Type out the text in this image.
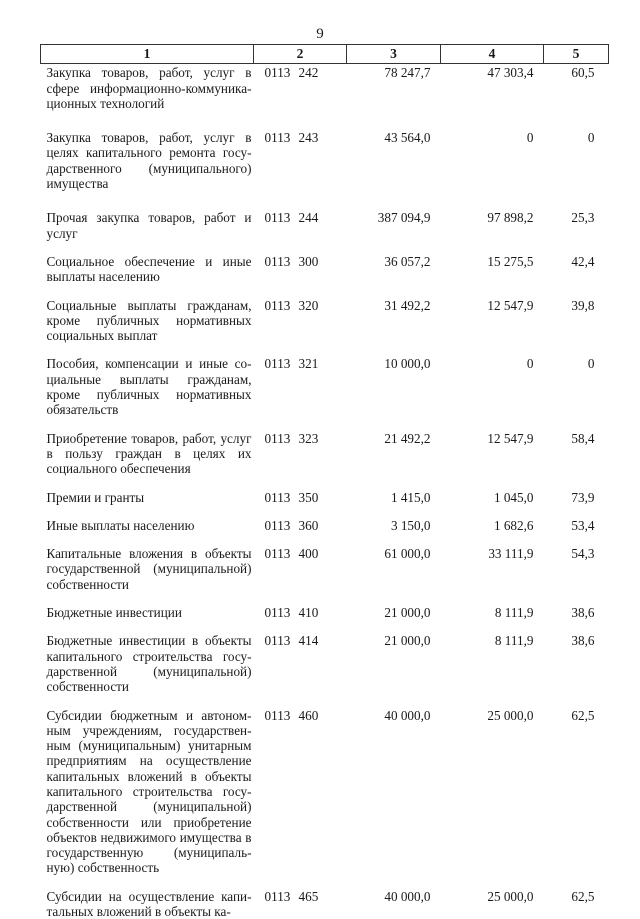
9
1	2	3	4	5
Закупка товаров, работ, услуг в сфере информационно-коммуника-ционных технологий	0113 242	78 247,7	47 303,4	60,5

Закупка товаров, работ, услуг в целях капитального ремонта госу-дарственного (муниципального) имущества	0113 243	43 564,0	0	0

Прочая закупка товаров, работ и услуг	0113 244	387 094,9	97 898,2	25,3

Социальное обеспечение и иные выплаты населению	0113 300	36 057,2	15 275,5	42,4

Социальные выплаты гражданам, кроме публичных нормативных социальных выплат	0113 320	31 492,2	12 547,9	39,8

Пособия, компенсации и иные со-циальные выплаты гражданам, кроме публичных нормативных обязательств	0113 321	10 000,0	0	0

Приобретение товаров, работ, услуг в пользу граждан в целях их социального обеспечения	0113 323	21 492,2	12 547,9	58,4

Премии и гранты	0113 350	1 415,0	1 045,0	73,9

Иные выплаты населению	0113 360	3 150,0	1 682,6	53,4

Капитальные вложения в объекты государственной (муниципальной) собственности	0113 400	61 000,0	33 111,9	54,3

Бюджетные инвестиции	0113 410	21 000,0	8 111,9	38,6

Бюджетные инвестиции в объекты капитального строительства госу-дарственной (муниципальной) собственности	0113 414	21 000,0	8 111,9	38,6

Субсидии бюджетным и автоном-ным учреждениям, государствен-ным (муниципальным) унитарным предприятиям на осуществление капитальных вложений в объекты капитального строительства госу-дарственной (муниципальной) собственности или приобретение объектов недвижимого имущества в государственную (муниципаль-ную) собственность	0113 460	40 000,0	25 000,0	62,5

Субсидии на осуществление капи-тальных вложений в объекты ка-	0113 465	40 000,0	25 000,0	62,5
